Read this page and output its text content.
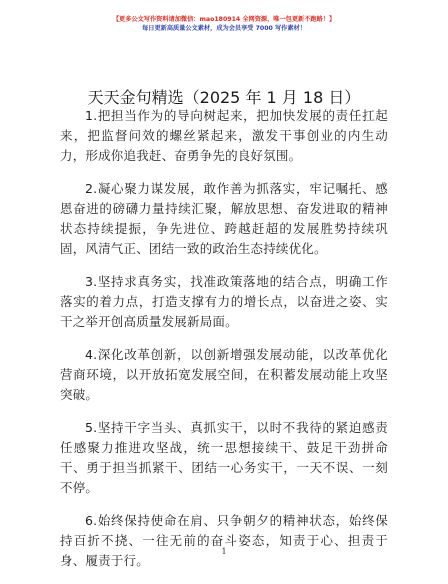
【更多公文写作资料请加微信：mao180914 全网资源，唯一包更新不跑路！】
每日更新高质量公文素材，成为会员享受 7000 写作素材！
天天金句精选（2025 年 1 月 18 日）

1.把担当作为的导向树起来，把加快发展的责任扛起来，把监督问效的螺丝紧起来，激发干事创业的内生动力，形成你追我赶、奋勇争先的良好氛围。

2.凝心聚力谋发展，敢作善为抓落实，牢记嘱托、感恩奋进的磅礴力量持续汇聚，解放思想、奋发进取的精神状态持续提振，争先进位、跨越赶超的发展胜势持续巩固，风清气正、团结一致的政治生态持续优化。

3.坚持求真务实，找准政策落地的结合点，明确工作落实的着力点，打造支撑有力的增长点，以奋进之姿、实干之举开创高质量发展新局面。

4.深化改革创新，以创新增强发展动能，以改革优化营商环境，以开放拓宽发展空间，在积蓄发展动能上攻坚突破。

5.坚持干字当头、真抓实干，以时不我待的紧迫感责任感聚力推进攻坚战，统一思想接续干、鼓足干劲拼命干、勇于担当抓紧干、团结一心务实干，一天不误、一刻不停。

6.始终保持使命在肩、只争朝夕的精神状态，始终保持百折不挠、一往无前的奋斗姿态，知责于心、担责于身、履责于行。

1
